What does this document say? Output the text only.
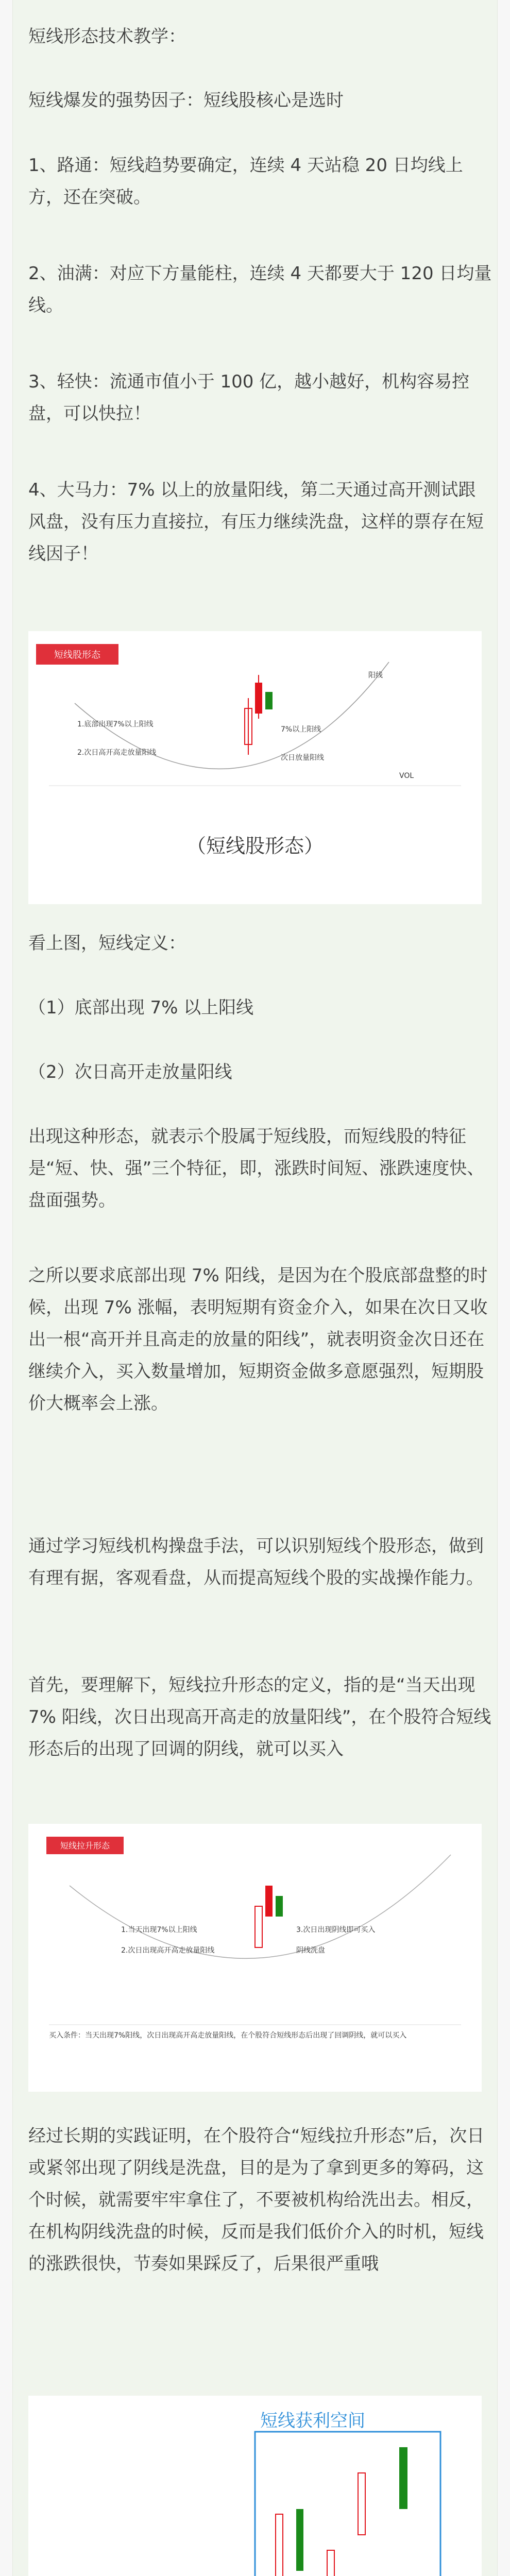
短线形态技术教学：

短线爆发的强势因子：短线股核心是选时

1、路通：短线趋势要确定，连续 4 天站稳 20 日均线上方，还在突破。

2、油满：对应下方量能柱，连续 4 天都要大于 120 日均量线。

3、轻快：流通市值小于 100 亿，越小越好，机构容易控盘，可以快拉！

4、大马力：7% 以上的放量阳线，第二天通过高开测试跟风盘，没有压力直接拉，有压力继续洗盘，这样的票存在短线因子！

短线股形态
阳线
1.底部出现7%以上阳线
2.次日高开高走放量阳线
7%以上阳线
次日放量阳线
VOL
（短线股形态）

看上图，短线定义：

（1）底部出现 7% 以上阳线

（2）次日高开走放量阳线

出现这种形态，就表示个股属于短线股，而短线股的特征是“短、快、强”三个特征，即，涨跌时间短、涨跌速度快、盘面强势。

之所以要求底部出现 7% 阳线，是因为在个股底部盘整的时候，出现 7% 涨幅，表明短期有资金介入，如果在次日又收出一根“高开并且高走的放量的阳线”，就表明资金次日还在继续介入，买入数量增加，短期资金做多意愿强烈，短期股价大概率会上涨。

通过学习短线机构操盘手法，可以识别短线个股形态，做到有理有据，客观看盘，从而提高短线个股的实战操作能力。

首先，要理解下，短线拉升形态的定义，指的是“当天出现 7% 阳线，次日出现高开高走的放量阳线”，在个股符合短线形态后的出现了回调的阴线，就可以买入

短线拉升形态
1.当天出现7%以上阳线
2.次日出现高开高走放量阳线
3.次日出现阴线即可买入
阴线洗盘
买入条件：当天出现7%阳线，次日出现高开高走放量阳线，在个股符合短线形态后出现了回调阴线，就可以买入

经过长期的实践证明，在个股符合“短线拉升形态”后，次日或紧邻出现了阴线是洗盘，目的是为了拿到更多的筹码，这个时候，就需要牢牢拿住了，不要被机构给洗出去。相反，在机构阴线洗盘的时候，反而是我们低价介入的时机，短线的涨跌很快，节奏如果踩反了，后果很严重哦

短线获利空间
